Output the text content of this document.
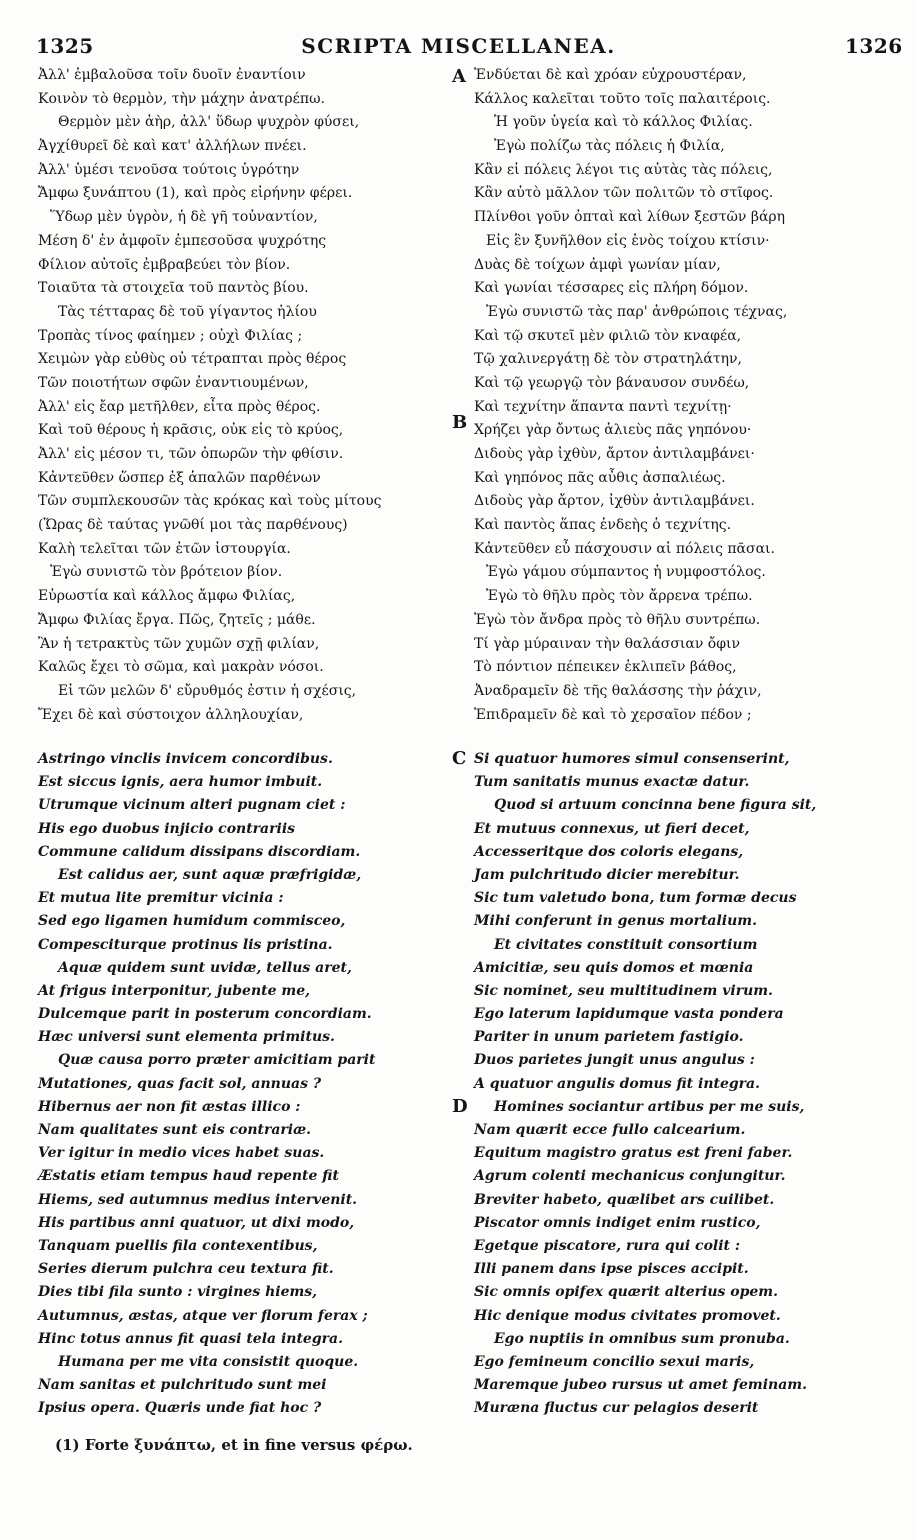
1325	SCRIPTA MISCELLANEA.	1326
A
B
C
D
Ἀλλ' ἐμβαλοῦσα τοῖν δυοῖν ἐναντίοιν
Κοινὸν τὸ θερμὸν, τὴν μάχην ἀνατρέπω.
Θερμὸν μὲν ἀὴρ, ἀλλ' ὕδωρ ψυχρὸν φύσει,
Ἀγχίθυρεῖ δὲ καὶ κατ' ἀλλήλων πνέει.
Ἀλλ' ὑμέσι τενοῦσα τούτοις ὑγρότην
Ἄμφω ξυνάπτου (1), καὶ πρὸς εἰρήνην φέρει.
Ὕδωρ μὲν ὑγρὸν, ἡ δὲ γῆ τοὐναντίον,
Μέση δ' ἐν ἀμφοῖν ἐμπεσοῦσα ψυχρότης
Φίλιον αὐτοῖς ἐμβραβεύει τὸν βίον.
Τοιαῦτα τὰ στοιχεῖα τοῦ παντὸς βίου.
Τὰς τέτταρας δὲ τοῦ γίγαντος ἡλίου
Τροπὰς τίνος φαίημεν ; οὐχὶ Φιλίας ;
Χειμὼν γὰρ εὐθὺς οὐ τέτραπται πρὸς θέρος
Τῶν ποιοτήτων σφῶν ἐναντιουμένων,
Ἀλλ' εἰς ἔαρ μετῆλθεν, εἶτα πρὸς θέρος.
Καὶ τοῦ θέρους ἡ κρᾶσις, οὐκ εἰς τὸ κρύος,
Ἀλλ' εἰς μέσον τι, τῶν ὀπωρῶν τὴν φθίσιν.
Κἀντεῦθεν ὥσπερ ἐξ ἁπαλῶν παρθένων
Τῶν συμπλεκουσῶν τὰς κρόκας καὶ τοὺς μίτους
(Ὥρας δὲ ταύτας γνῶθί μοι τὰς παρθένους)
Καλὴ τελεῖται τῶν ἐτῶν ἱστουργία.
Ἐγὼ συνιστῶ τὸν βρότειον βίον.
Εὐρωστία καὶ κάλλος ἄμφω Φιλίας,
Ἄμφω Φιλίας ἔργα. Πῶς, ζητεῖς ; μάθε.
Ἂν ἡ τετρακτὺς τῶν χυμῶν σχῇ φιλίαν,
Καλῶς ἔχει τὸ σῶμα, καὶ μακρὰν νόσοι.
Εἰ τῶν μελῶν δ' εὔρυθμός ἐστιν ἡ σχέσις,
Ἔχει δὲ καὶ σύστοιχον ἀλληλουχίαν,
Ἐνδύεται δὲ καὶ χρόαν εὐχρουστέραν,
Κάλλος καλεῖται τοῦτο τοῖς παλαιτέροις.
Ἡ γοῦν ὑγεία καὶ τὸ κάλλος Φιλίας.
Ἐγὼ πολίζω τὰς πόλεις ἡ Φιλία,
Κἂν εἰ πόλεις λέγοι τις αὐτὰς τὰς πόλεις,
Κἂν αὐτὸ μᾶλλον τῶν πολιτῶν τὸ στῖφος.
Πλίνθοι γοῦν ὀπταὶ καὶ λίθων ξεστῶν βάρη
Εἰς ἓν ξυνῆλθον εἰς ἑνὸς τοίχου κτίσιν·
Δυὰς δὲ τοίχων ἀμφὶ γωνίαν μίαν,
Καὶ γωνίαι τέσσαρες εἰς πλήρη δόμον.
Ἐγὼ συνιστῶ τὰς παρ' ἀνθρώποις τέχνας,
Καὶ τῷ σκυτεῖ μὲν φιλιῶ τὸν κναφέα,
Τῷ χαλινεργάτῃ δὲ τὸν στρατηλάτην,
Καὶ τῷ γεωργῷ τὸν βάναυσον συνδέω,
Καὶ τεχνίτην ἅπαντα παντὶ τεχνίτῃ·
Χρήζει γὰρ ὄντως ἁλιεὺς πᾶς γηπόνου·
Διδοὺς γὰρ ἰχθὺν, ἄρτον ἀντιλαμβάνει·
Καὶ γηπόνος πᾶς αὖθις ἀσπαλιέως.
Διδοὺς γὰρ ἄρτον, ἰχθὺν ἀντιλαμβάνει.
Καὶ παντὸς ἅπας ἐνδεὴς ὁ τεχνίτης.
Κἀντεῦθεν εὖ πάσχουσιν αἱ πόλεις πᾶσαι.
Ἐγὼ γάμου σύμπαντος ἡ νυμφοστόλος.
Ἐγὼ τὸ θῆλυ πρὸς τὸν ἄρρενα τρέπω.
Ἐγὼ τὸν ἄνδρα πρὸς τὸ θῆλυ συντρέπω.
Τί γὰρ μύραιναν τὴν θαλάσσιαν ὄφιν
Τὸ πόντιον πέπεικεν ἐκλιπεῖν βάθος,
Ἀναδραμεῖν δὲ τῆς θαλάσσης τὴν ῥάχιν,
Ἐπιδραμεῖν δὲ καὶ τὸ χερσαῖον πέδον ;
Astringo vinclis invicem concordibus.
Est siccus ignis, aera humor imbuit.
Utrumque vicinum alteri pugnam ciet :
His ego duobus injicio contrariis
Commune calidum dissipans discordiam.
Est calidus aer, sunt aquæ præfrigidæ,
Et mutua lite premitur vicinia :
Sed ego ligamen humidum commisceo,
Compesciturque protinus lis pristina.
Aquæ quidem sunt uvidæ, tellus aret,
At frigus interponitur, jubente me,
Dulcemque parit in posterum concordiam.
Hæc universi sunt elementa primitus.
Quæ causa porro præter amicitiam parit
Mutationes, quas facit sol, annuas ?
Hibernus aer non fit æstas illico :
Nam qualitates sunt eis contrariæ.
Ver igitur in medio vices habet suas.
Æstatis etiam tempus haud repente fit
Hiems, sed autumnus medius intervenit.
His partibus anni quatuor, ut dixi modo,
Tanquam puellis fila contexentibus,
Series dierum pulchra ceu textura fit.
Dies tibi fila sunto : virgines hiems,
Autumnus, æstas, atque ver florum ferax ;
Hinc totus annus fit quasi tela integra.
Humana per me vita consistit quoque.
Nam sanitas et pulchritudo sunt mei
Ipsius opera. Quæris unde fiat hoc ?
Si quatuor humores simul consenserint,
Tum sanitatis munus exactæ datur.
Quod si artuum concinna bene figura sit,
Et mutuus connexus, ut fieri decet,
Accesseritque dos coloris elegans,
Jam pulchritudo dicier merebitur.
Sic tum valetudo bona, tum formæ decus
Mihi conferunt in genus mortalium.
Et civitates constituit consortium
Amicitiæ, seu quis domos et mœnia
Sic nominet, seu multitudinem virum.
Ego laterum lapidumque vasta pondera
Pariter in unum parietem fastigio.
Duos parietes jungit unus angulus :
A quatuor angulis domus fit integra.
Homines sociantur artibus per me suis,
Nam quærit ecce fullo calcearium.
Equitum magistro gratus est freni faber.
Agrum colenti mechanicus conjungitur.
Breviter habeto, quælibet ars cuilibet.
Piscator omnis indiget enim rustico,
Egetque piscatore, rura qui colit :
Illi panem dans ipse pisces accipit.
Sic omnis opifex quærit alterius opem.
Hic denique modus civitates promovet.
Ego nuptiis in omnibus sum pronuba.
Ego femineum concilio sexui maris,
Maremque jubeo rursus ut amet feminam.
Muræna fluctus cur pelagios deserit
(1) Forte ξυνάπτω, et in fine versus φέρω.
